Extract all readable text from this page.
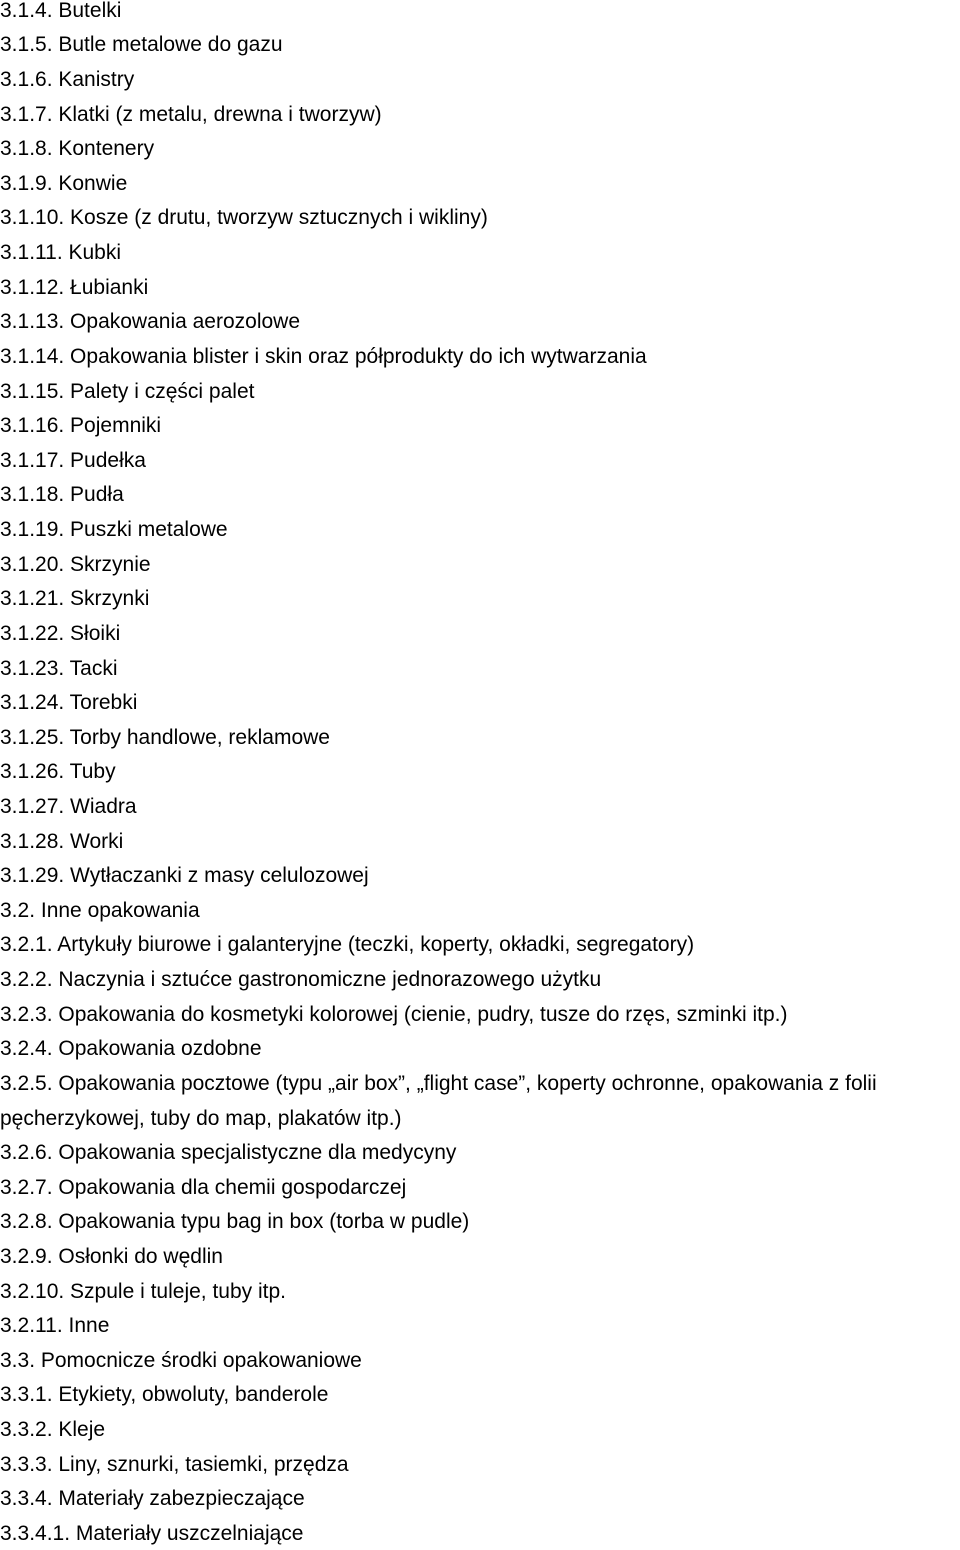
3.1.4. Butelki

3.1.5. Butle metalowe do gazu

3.1.6. Kanistry

3.1.7. Klatki (z metalu, drewna i tworzyw)

3.1.8. Kontenery

3.1.9. Konwie

3.1.10. Kosze (z drutu, tworzyw sztucznych i wikliny)

3.1.11. Kubki

3.1.12. Łubianki

3.1.13. Opakowania aerozolowe

3.1.14. Opakowania blister i skin oraz półprodukty do ich wytwarzania

3.1.15. Palety i części palet

3.1.16. Pojemniki

3.1.17. Pudełka

3.1.18. Pudła

3.1.19. Puszki metalowe

3.1.20. Skrzynie

3.1.21. Skrzynki

3.1.22. Słoiki

3.1.23. Tacki

3.1.24. Torebki

3.1.25. Torby handlowe, reklamowe

3.1.26. Tuby

3.1.27. Wiadra

3.1.28. Worki

3.1.29. Wytłaczanki z masy celulozowej

3.2. Inne opakowania

3.2.1. Artykuły biurowe i galanteryjne (teczki, koperty, okładki, segregatory)

3.2.2. Naczynia i sztućce gastronomiczne jednorazowego użytku

3.2.3. Opakowania do kosmetyki kolorowej (cienie, pudry, tusze do rzęs, szminki itp.)

3.2.4. Opakowania ozdobne

3.2.5. Opakowania pocztowe (typu „air box”, „flight case”, koperty ochronne, opakowania z folii pęcherzykowej, tuby do map, plakatów itp.)

3.2.6. Opakowania specjalistyczne dla medycyny

3.2.7. Opakowania dla chemii gospodarczej

3.2.8. Opakowania typu bag in box (torba w pudle)

3.2.9. Osłonki do wędlin

3.2.10. Szpule i tuleje, tuby itp.

3.2.11. Inne

3.3. Pomocnicze środki opakowaniowe

3.3.1. Etykiety, obwoluty, banderole

3.3.2. Kleje

3.3.3. Liny, sznurki, tasiemki, przędza

3.3.4. Materiały zabezpieczające

3.3.4.1. Materiały uszczelniające
